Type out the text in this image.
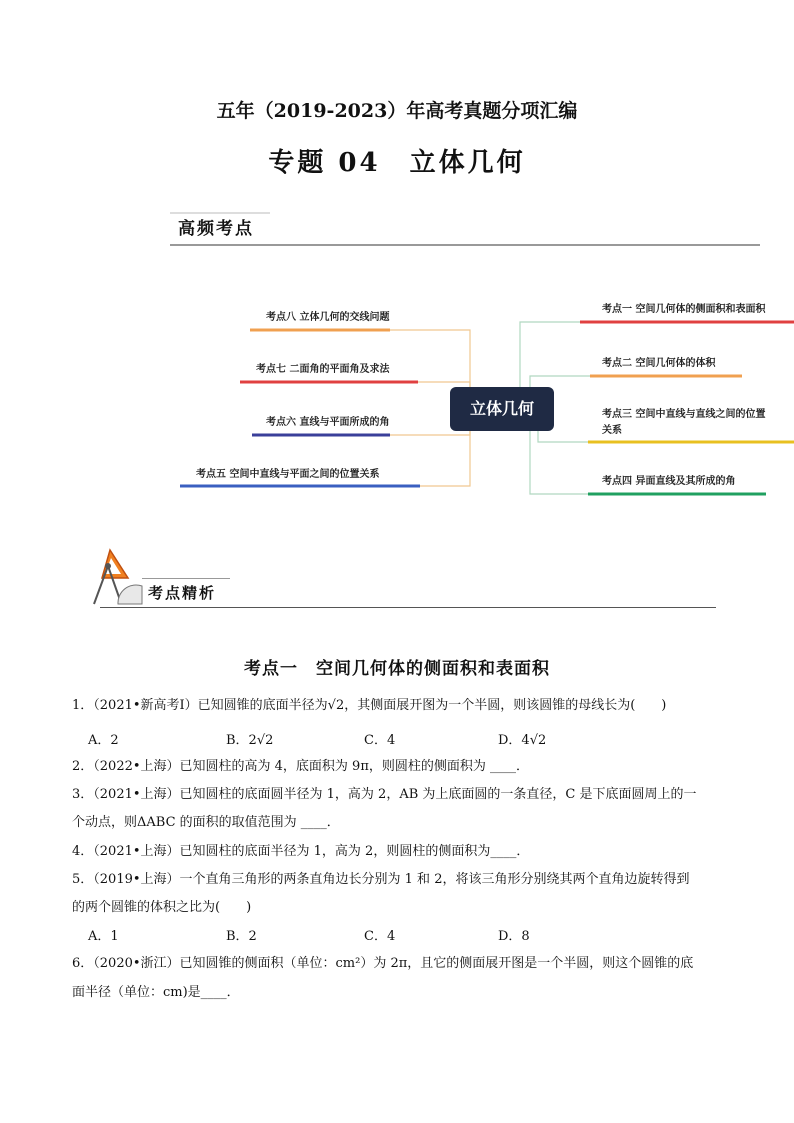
五年（2019-2023）年高考真题分项汇编
专题 04　立体几何
高频考点
考点八 立体几何的交线问题
考点七 二面角的平面角及求法
考点六 直线与平面所成的角
考点五 空间中直线与平面之间的位置关系
考点一 空间几何体的侧面积和表面积
考点二 空间几何体的体积
考点三 空间中直线与直线之间的位置
关系
考点四 异面直线及其所成的角
立体几何
考点精析
考点一　空间几何体的侧面积和表面积
1．（2021•新高考Ⅰ）已知圆锥的底面半径为√2，其侧面展开图为一个半圆，则该圆锥的母线长为(　　)
A．2	B．2√2	C．4	D．4√2
2．（2022•上海）已知圆柱的高为 4，底面积为 9π，则圆柱的侧面积为 ____．
3．（2021•上海）已知圆柱的底面圆半径为 1，高为 2，AB 为上底面圆的一条直径，C 是下底面圆周上的一
个动点，则ΔABC 的面积的取值范围为 ____．
4．（2021•上海）已知圆柱的底面半径为 1，高为 2，则圆柱的侧面积为____．
5．（2019•上海）一个直角三角形的两条直角边长分别为 1 和 2，将该三角形分别绕其两个直角边旋转得到
的两个圆锥的体积之比为(　　)
A．1	B．2	C．4	D．8
6．（2020•浙江）已知圆锥的侧面积（单位：cm²）为 2π，且它的侧面展开图是一个半圆，则这个圆锥的底
面半径（单位：cm)是____．
